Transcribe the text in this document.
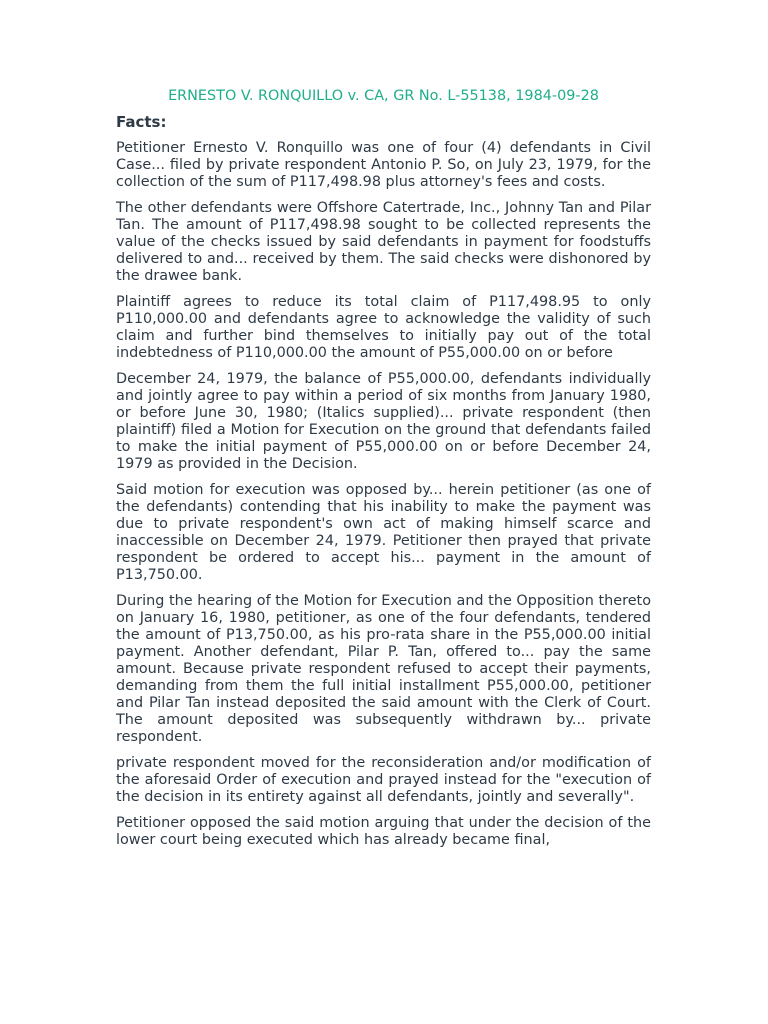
ERNESTO V. RONQUILLO v. CA, GR No. L-55138, 1984-09-28
Facts:

Petitioner Ernesto V. Ronquillo was one of four (4) defendants in Civil Case... filed by private respondent Antonio P. So, on July 23, 1979, for the collection of the sum of P117,498.98 plus attorney's fees and costs.

The other defendants were Offshore Catertrade, Inc., Johnny Tan and Pilar Tan. The amount of P117,498.98 sought to be collected represents the value of the checks issued by said defendants in payment for foodstuffs delivered to and... received by them. The said checks were dishonored by the drawee bank.

Plaintiff agrees to reduce its total claim of P117,498.95 to only P110,000.00 and defendants agree to acknowledge the validity of such claim and further bind themselves to initially pay out of the total indebtedness of P110,000.00 the amount of P55,000.00 on or before

December 24, 1979, the balance of P55,000.00, defendants individually and jointly agree to pay within a period of six months from January 1980, or before June 30, 1980; (Italics supplied)... private respondent (then plaintiff) filed a Motion for Execution on the ground that defendants failed to make the initial payment of P55,000.00 on or before December 24, 1979 as provided in the Decision.

Said motion for execution was opposed by... herein petitioner (as one of the defendants) contending that his inability to make the payment was due to private respondent's own act of making himself scarce and inaccessible on December 24, 1979. Petitioner then prayed that private respondent be ordered to accept his... payment in the amount of P13,750.00.

During the hearing of the Motion for Execution and the Opposition thereto on January 16, 1980, petitioner, as one of the four defendants, tendered the amount of P13,750.00, as his pro-rata share in the P55,000.00 initial payment. Another defendant, Pilar P. Tan, offered to... pay the same amount. Because private respondent refused to accept their payments, demanding from them the full initial installment P55,000.00, petitioner and Pilar Tan instead deposited the said amount with the Clerk of Court. The amount deposited was subsequently withdrawn by... private respondent.

private respondent moved for the reconsideration and/or modification of the aforesaid Order of execution and prayed instead for the "execution of the decision in its entirety against all defendants, jointly and severally".

Petitioner opposed the said motion arguing that under the decision of the lower court being executed which has already became final,
